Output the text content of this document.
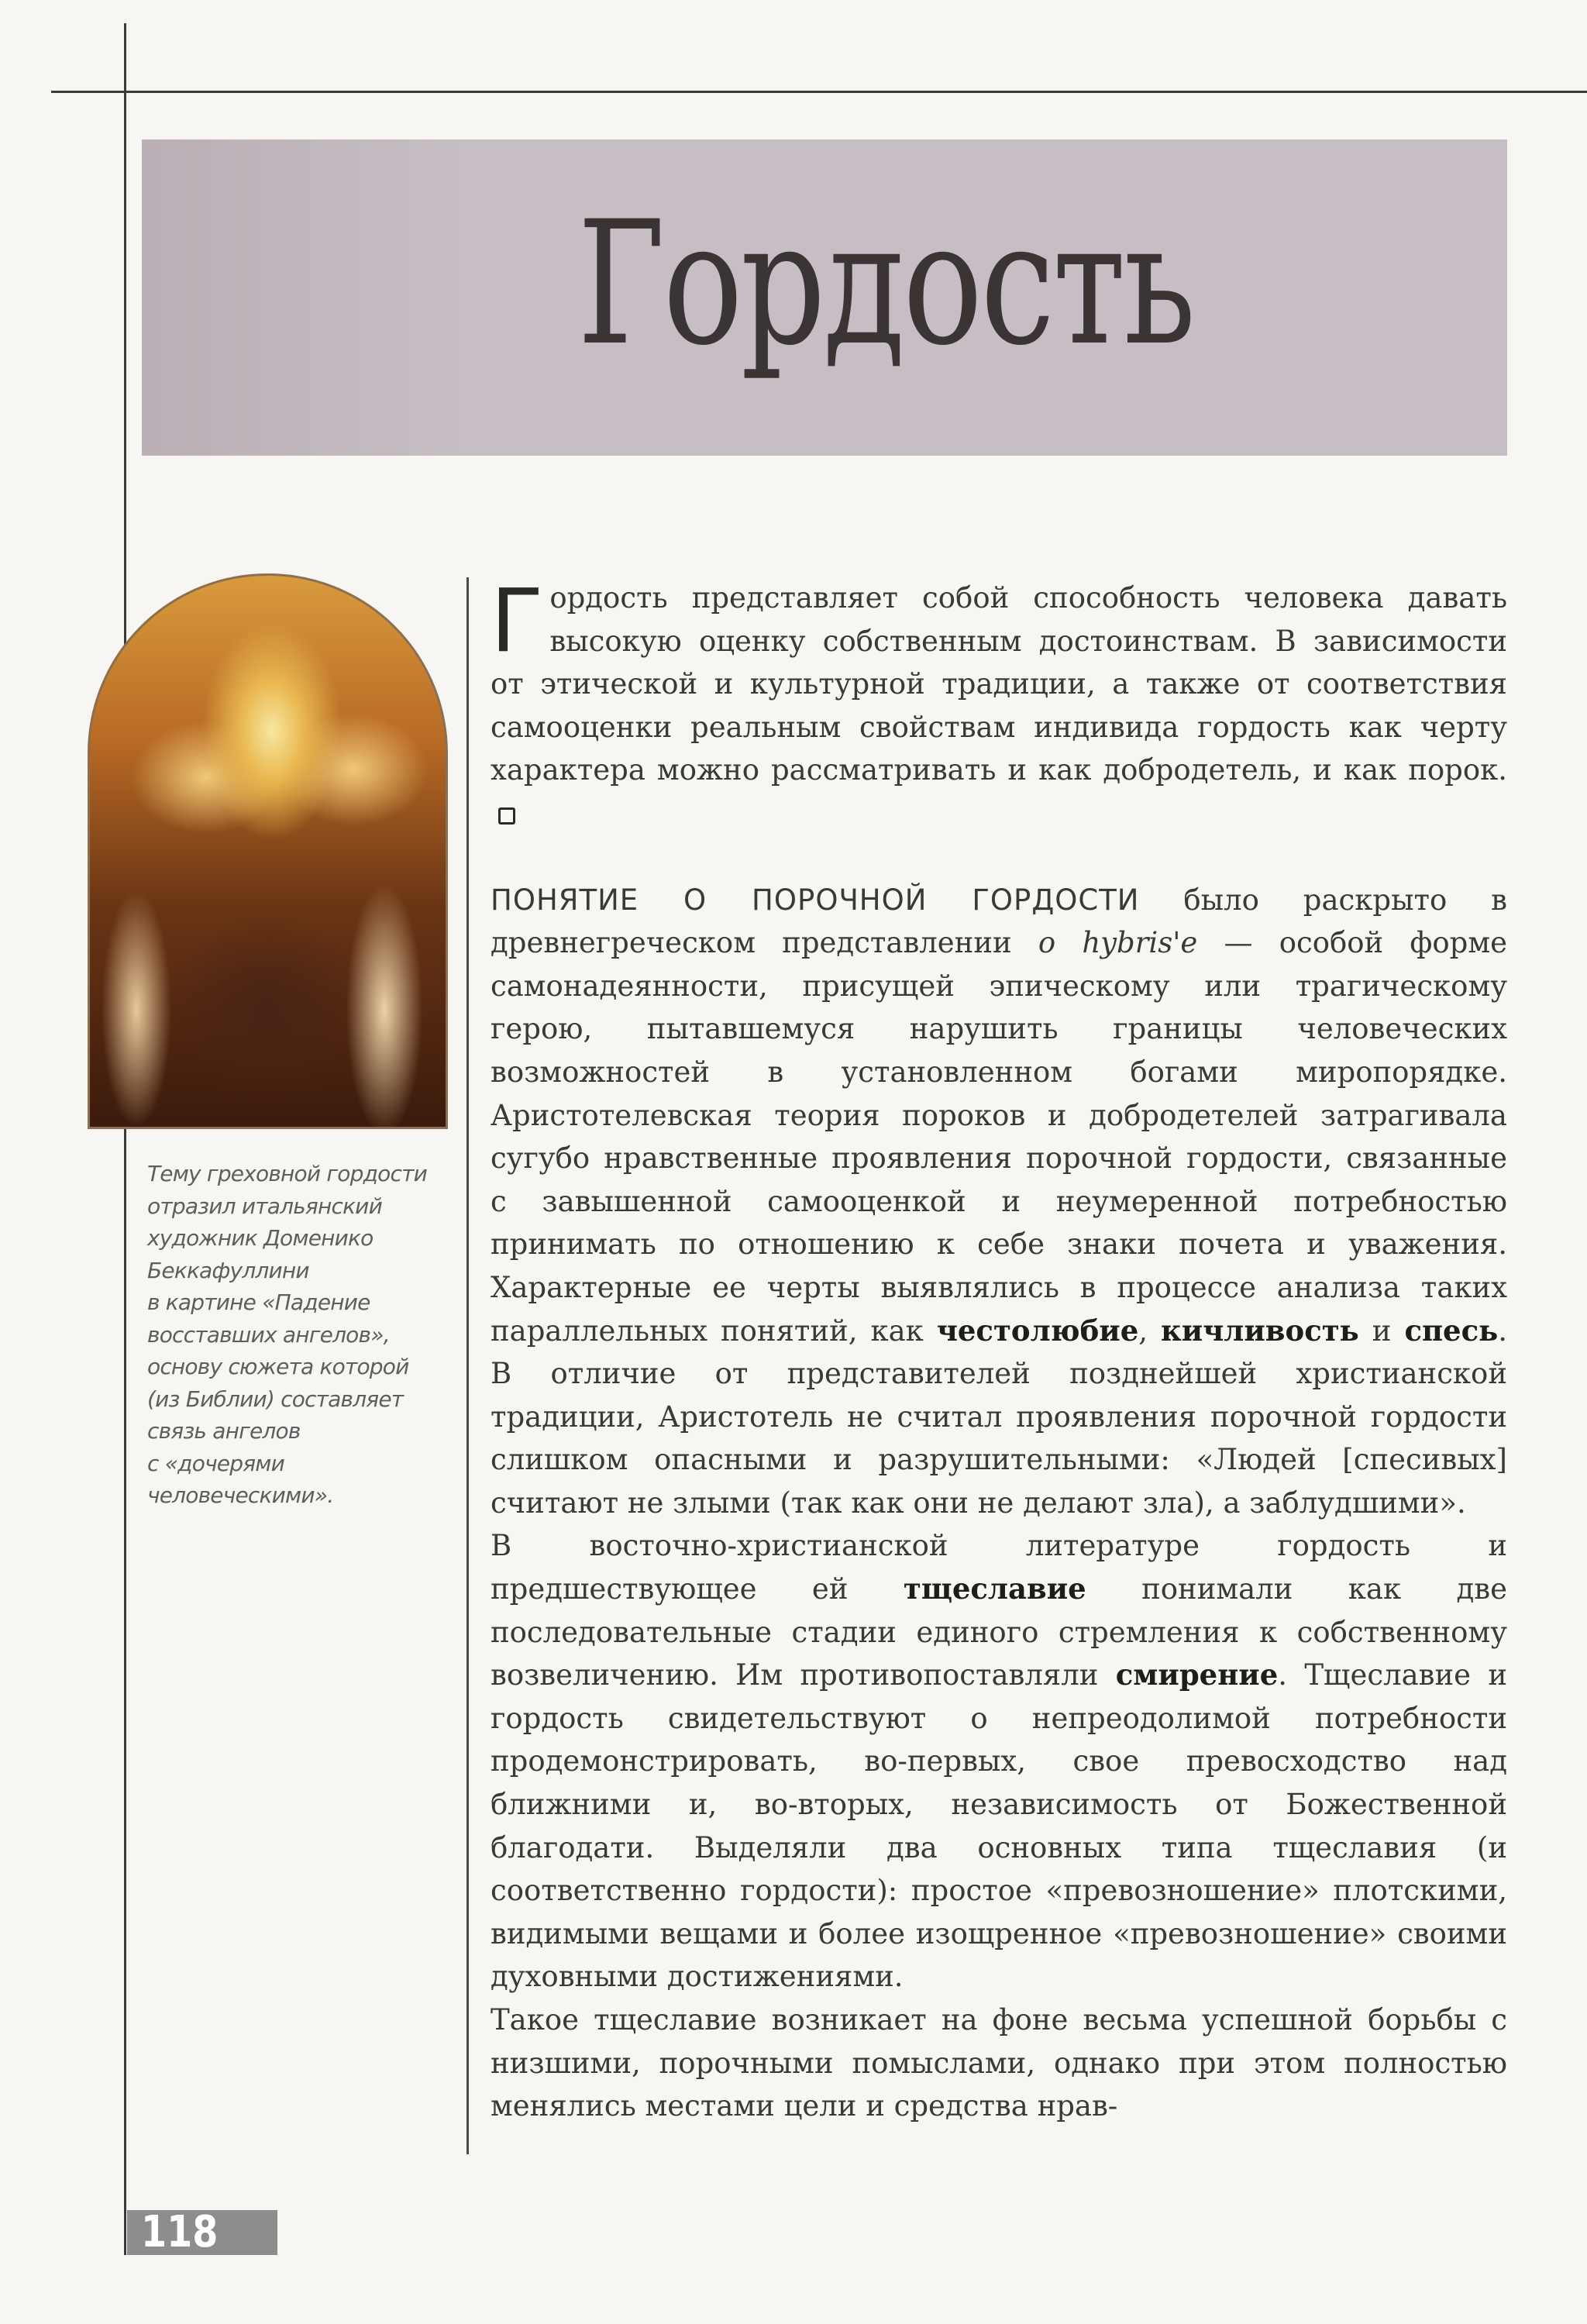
Гордость
Тему греховной гордости
отразил итальянский
художник Доменико
Беккафуллини
в картине «Падение
восставших ангелов»,
основу сюжета которой
(из Библии) составляет
связь ангелов
с «дочерями
человеческими».

Гордость представляет собой способность человека давать высокую оценку собственным достоинствам. В зависимости от этической и культурной традиции, а также от соответствия самооценки реальным свойствам индивида гордость как черту характера можно рассматривать и как добродетель, и как порок.

ПОНЯТИЕ О ПОРОЧНОЙ ГОРДОСТИ было раскрыто в древнегреческом представлении о hybris'е — особой форме самонадеянности, присущей эпическому или трагическому герою, пытавшемуся нарушить границы человеческих возможностей в установленном богами миропорядке. Аристотелевская теория пороков и добродетелей затрагивала сугубо нравственные проявления порочной гордости, связанные с завышенной самооценкой и неумеренной потребностью принимать по отношению к себе знаки почета и уважения. Характерные ее черты выявлялись в процессе анализа таких параллельных понятий, как честолюбие, кичливость и спесь. В отличие от представителей позднейшей христианской традиции, Аристотель не считал проявления порочной гордости слишком опасными и разрушительными: «Людей [спесивых] считают не злыми (так как они не делают зла), а заблудшими».

В восточно-христианской литературе гордость и предшествующее ей тщеславие понимали как две последовательные стадии единого стремления к собственному возвеличению. Им противопоставляли смирение. Тщеславие и гордость свидетельствуют о непреодолимой потребности продемонстрировать, во-первых, свое превосходство над ближними и, во-вторых, независимость от Божественной благодати. Выделяли два основных типа тщеславия (и соответственно гордости): простое «превозношение» плотскими, видимыми вещами и более изощренное «превозношение» своими духовными достижениями.

Такое тщеславие возникает на фоне весьма успешной борьбы с низшими, порочными помыслами, однако при этом полностью менялись местами цели и средства нрав-

118
